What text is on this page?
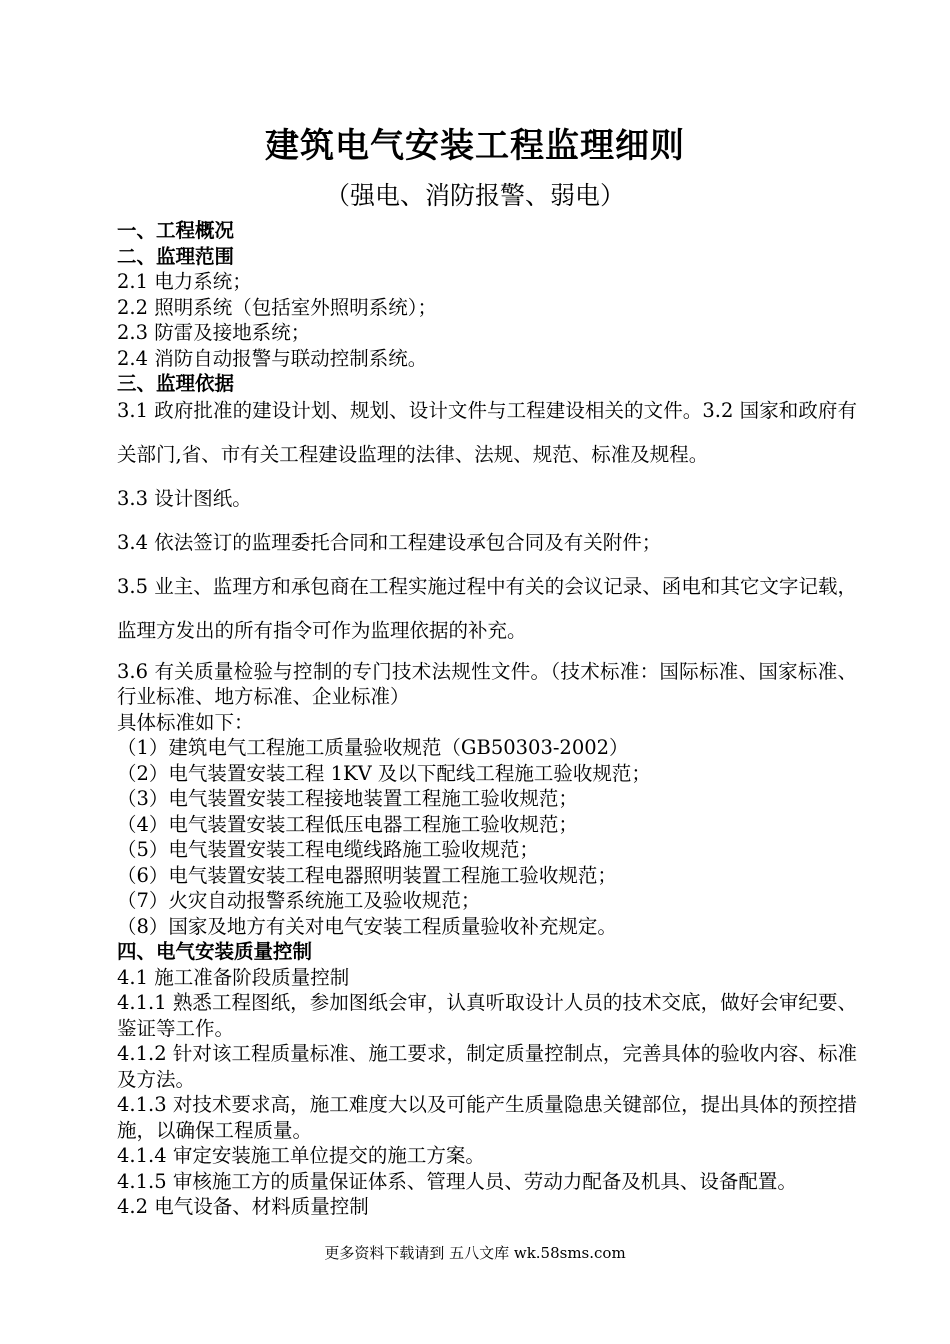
建筑电气安装工程监理细则
（强电、消防报警、弱电）
一、工程概况
二、监理范围
2.1 电力系统；
2.2 照明系统（包括室外照明系统）；
2.3 防雷及接地系统；
2.4 消防自动报警与联动控制系统。
三、监理依据
3.1 政府批准的建设计划、规划、设计文件与工程建设相关的文件。3.2 国家和政府有关部门,省、市有关工程建设监理的法律、法规、规范、标准及规程。
3.3 设计图纸。
3.4 依法签订的监理委托合同和工程建设承包合同及有关附件；
3.5 业主、监理方和承包商在工程实施过程中有关的会议记录、函电和其它文字记载，监理方发出的所有指令可作为监理依据的补充。
3.6 有关质量检验与控制的专门技术法规性文件。（技术标准：国际标准、国家标准、行业标准、地方标准、企业标准）
具体标准如下：
（1）建筑电气工程施工质量验收规范（GB50303-2002）
（2）电气装置安装工程 1KV 及以下配线工程施工验收规范；
（3）电气装置安装工程接地装置工程施工验收规范；
（4）电气装置安装工程低压电器工程施工验收规范；
（5）电气装置安装工程电缆线路施工验收规范；
（6）电气装置安装工程电器照明装置工程施工验收规范；
（7）火灾自动报警系统施工及验收规范；
（8）国家及地方有关对电气安装工程质量验收补充规定。
四、电气安装质量控制
4.1 施工准备阶段质量控制
4.1.1 熟悉工程图纸，参加图纸会审，认真听取设计人员的技术交底，做好会审纪要、鉴证等工作。
4.1.2 针对该工程质量标准、施工要求，制定质量控制点，完善具体的验收内容、标准及方法。
4.1.3 对技术要求高，施工难度大以及可能产生质量隐患关键部位，提出具体的预控措施，以确保工程质量。
4.1.4 审定安装施工单位提交的施工方案。
4.1.5 审核施工方的质量保证体系、管理人员、劳动力配备及机具、设备配置。
4.2 电气设备、材料质量控制
更多资料下载请到 五八文库 wk.58sms.com
